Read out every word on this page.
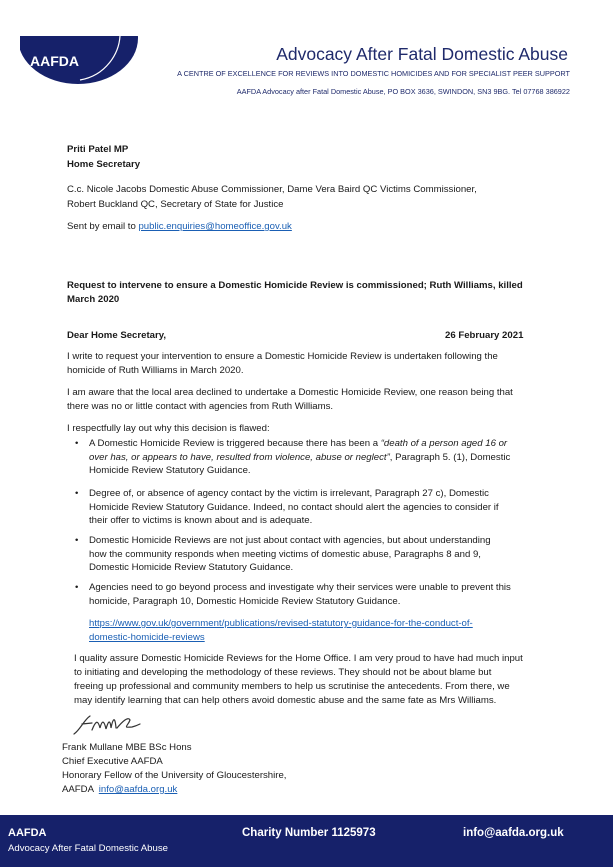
AAFDA	Advocacy After Fatal Domestic Abuse
A CENTRE OF EXCELLENCE FOR REVIEWS INTO DOMESTIC HOMICIDES AND FOR SPECIALIST PEER SUPPORT
AAFDA Advocacy after Fatal Domestic Abuse, PO BOX 3636, SWINDON, SN3 9BG. Tel 07768 386922
Priti Patel MP
Home Secretary
C.c. Nicole Jacobs Domestic Abuse Commissioner, Dame Vera Baird QC Victims Commissioner,
Robert Buckland QC, Secretary of State for Justice
Sent by email to public.enquiries@homeoffice.gov.uk
Request to intervene to ensure a Domestic Homicide Review is commissioned; Ruth Williams, killed
March 2020
Dear Home Secretary,	26 February 2021
I write to request your intervention to ensure a Domestic Homicide Review is undertaken following the
homicide of Ruth Williams in March 2020.
I am aware that the local area declined to undertake a Domestic Homicide Review, one reason being that
there was no or little contact with agencies from Ruth Williams.
I respectfully lay out why this decision is flawed:
• A Domestic Homicide Review is triggered because there has been a “death of a person aged 16 or
over has, or appears to have, resulted from violence, abuse or neglect”, Paragraph 5. (1), Domestic
Homicide Review Statutory Guidance.
• Degree of, or absence of agency contact by the victim is irrelevant, Paragraph 27 c), Domestic
Homicide Review Statutory Guidance. Indeed, no contact should alert the agencies to consider if
their offer to victims is known about and is adequate.
• Domestic Homicide Reviews are not just about contact with agencies, but about understanding
how the community responds when meeting victims of domestic abuse, Paragraphs 8 and 9,
Domestic Homicide Review Statutory Guidance.
• Agencies need to go beyond process and investigate why their services were unable to prevent this
homicide, Paragraph 10, Domestic Homicide Review Statutory Guidance.
https://www.gov.uk/government/publications/revised-statutory-guidance-for-the-conduct-of-
domestic-homicide-reviews
I quality assure Domestic Homicide Reviews for the Home Office. I am very proud to have had much input
to initiating and developing the methodology of these reviews. They should not be about blame but
freeing up professional and community members to help us scrutinise the antecedents. From there, we
may identify learning that can help others avoid domestic abuse and the same fate as Mrs Williams.
Frank Mullane MBE BSc Hons
Chief Executive AAFDA
Honorary Fellow of the University of Gloucestershire,
AAFDA  info@aafda.org.uk
AAFDA
Advocacy After Fatal Domestic Abuse
Charity Number 1125973	info@aafda.org.uk
